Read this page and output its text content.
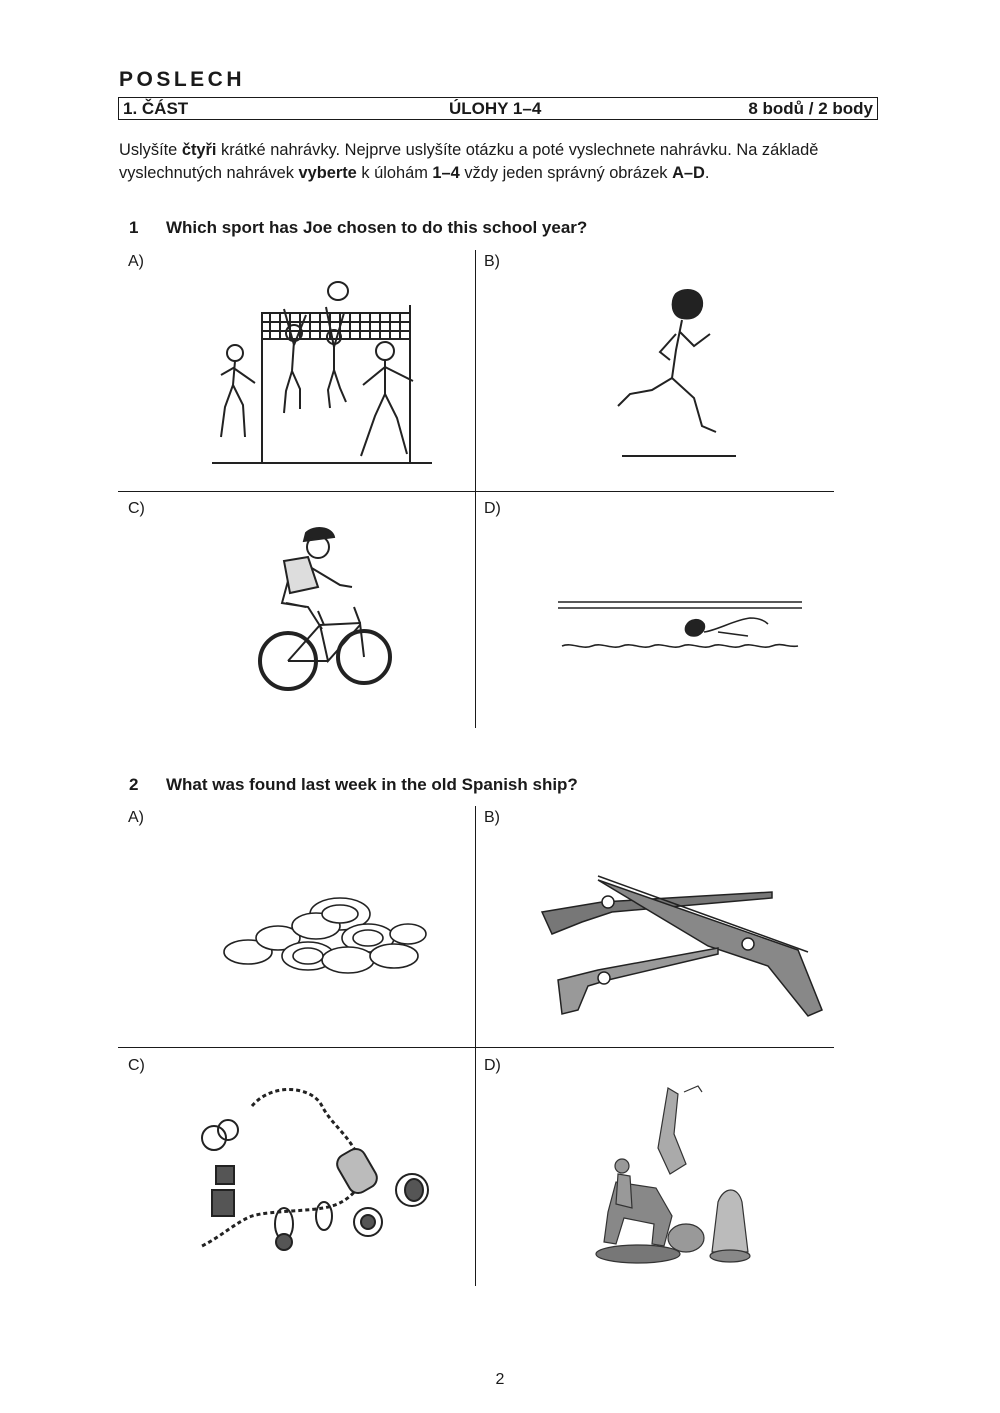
POSLECH
1. ČÁST	ÚLOHY 1–4	8 bodů / 2 body
Uslyšíte čtyři krátké nahrávky. Nejprve uslyšíte otázku a poté vyslechnete nahrávku. Na základě vyslechnutých nahrávek vyberte k úlohám 1–4 vždy jeden správný obrázek A–D.
1 Which sport has Joe chosen to do this school year?
A)	B)
C)	D)
2 What was found last week in the old Spanish ship?
A)	B)
C)	D)
2
